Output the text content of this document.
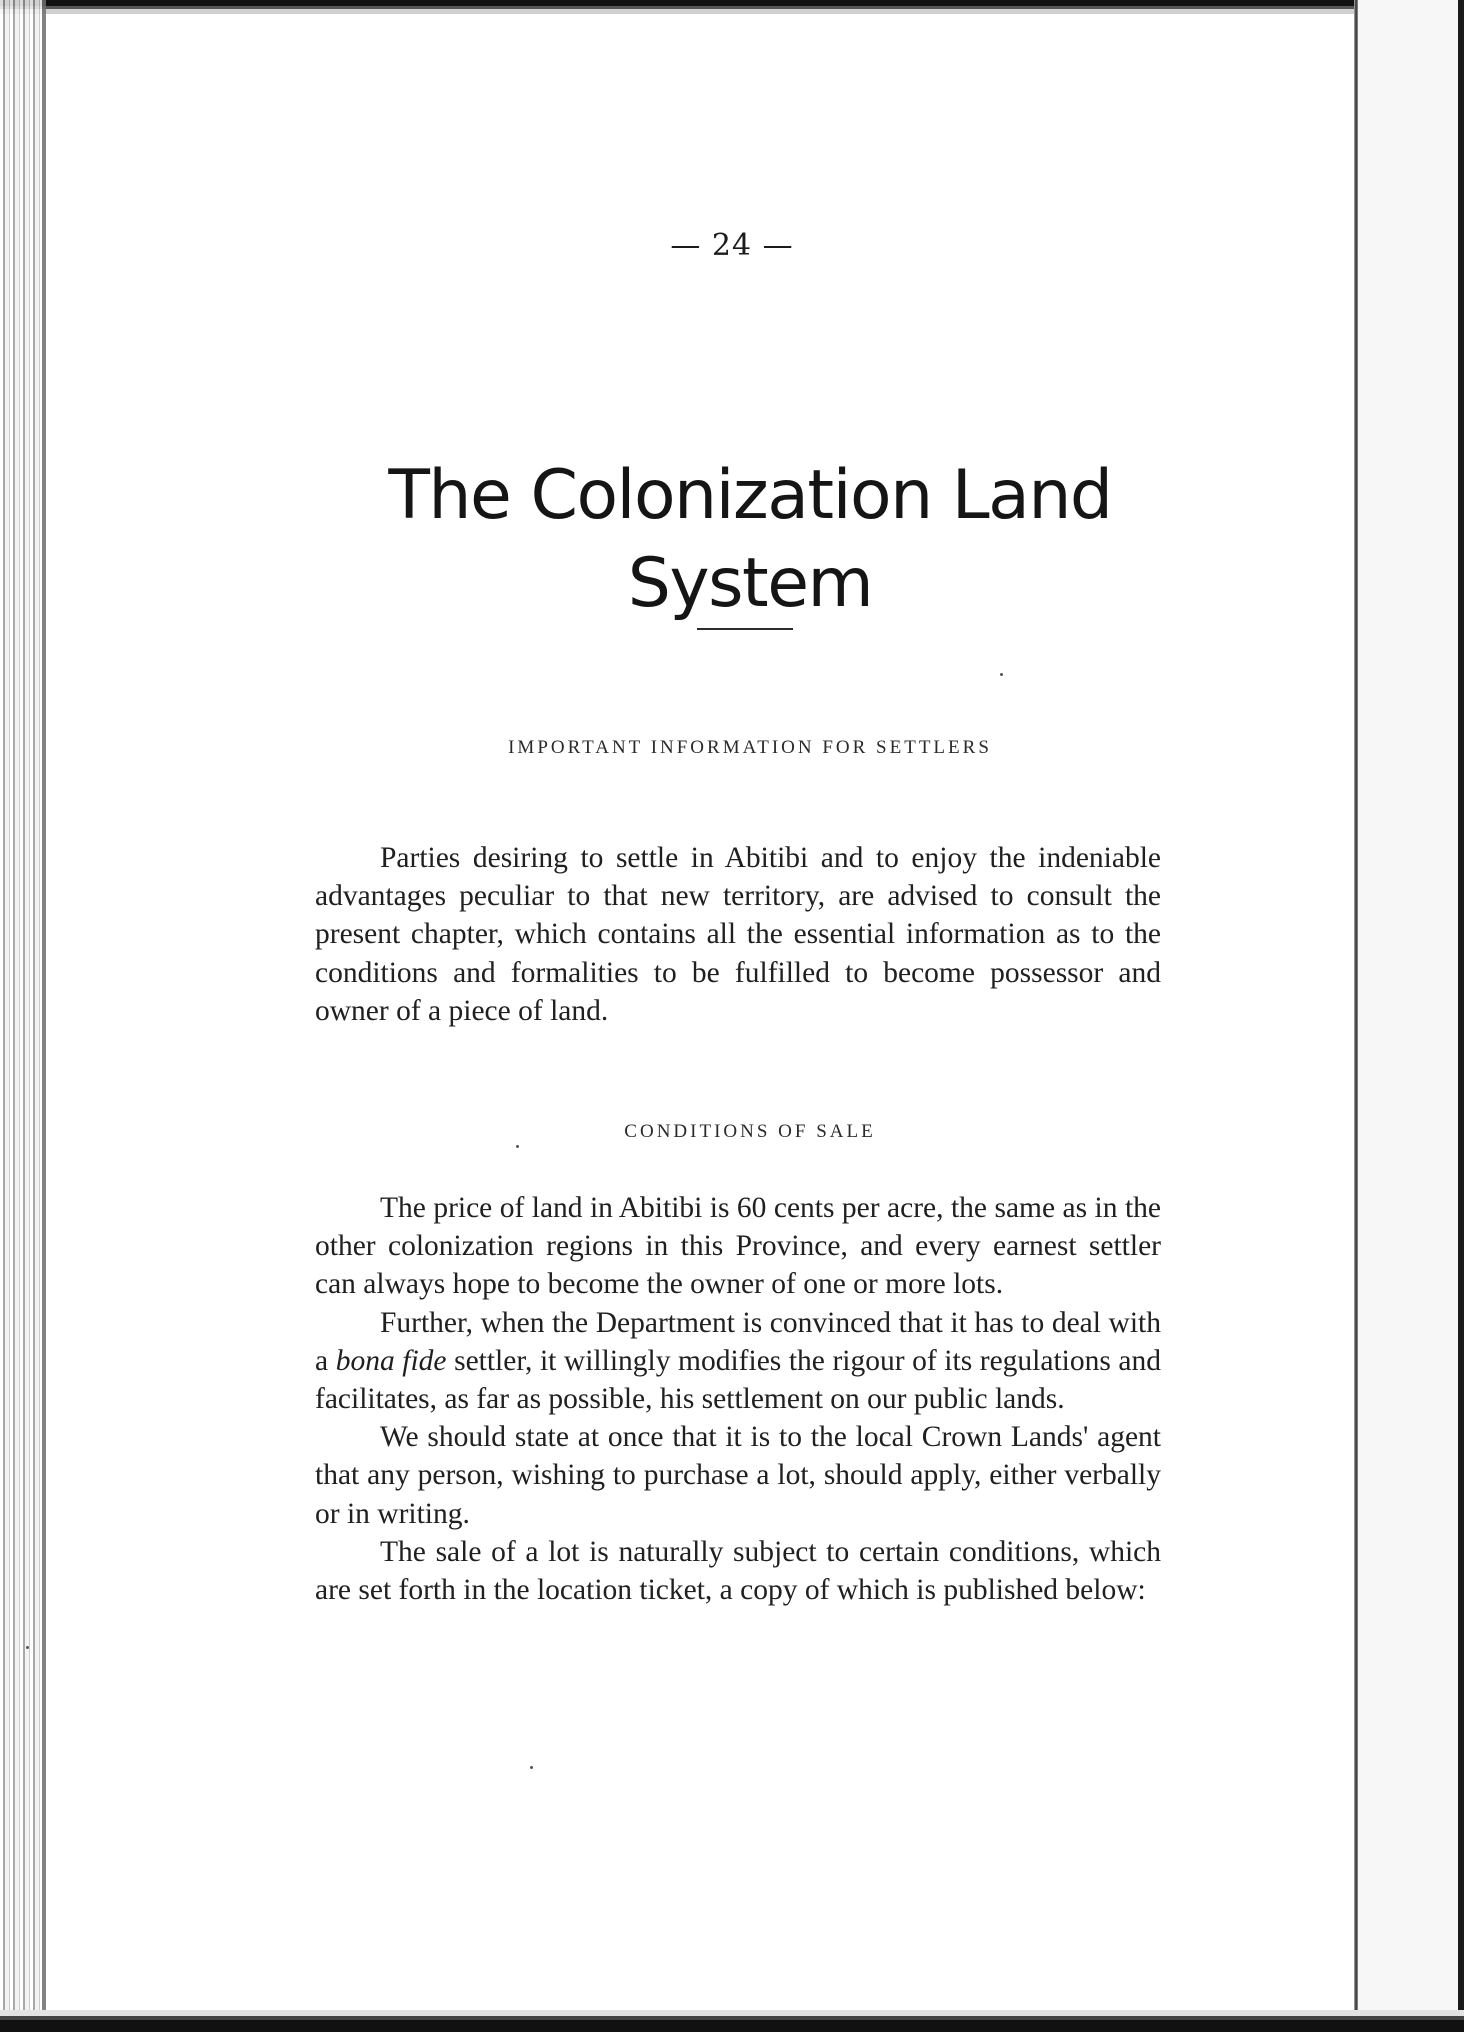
— 24 —
The Colonization Land System
IMPORTANT INFORMATION FOR SETTLERS

Parties desiring to settle in Abitibi and to enjoy the indeniable advantages peculiar to that new territory, are advised to consult the present chapter, which contains all the essential information as to the conditions and formalities to be fulfilled to become possessor and owner of a piece of land.

CONDITIONS OF SALE

The price of land in Abitibi is 60 cents per acre, the same as in the other colonization regions in this Province, and every earnest settler can always hope to become the owner of one or more lots.

Further, when the Department is convinced that it has to deal with a bona fide settler, it willingly modifies the rigour of its regulations and facilitates, as far as possible, his settlement on our public lands.

We should state at once that it is to the local Crown Lands' agent that any person, wishing to purchase a lot, should apply, either verbally or in writing.

The sale of a lot is naturally subject to certain conditions, which are set forth in the location ticket, a copy of which is published below:
